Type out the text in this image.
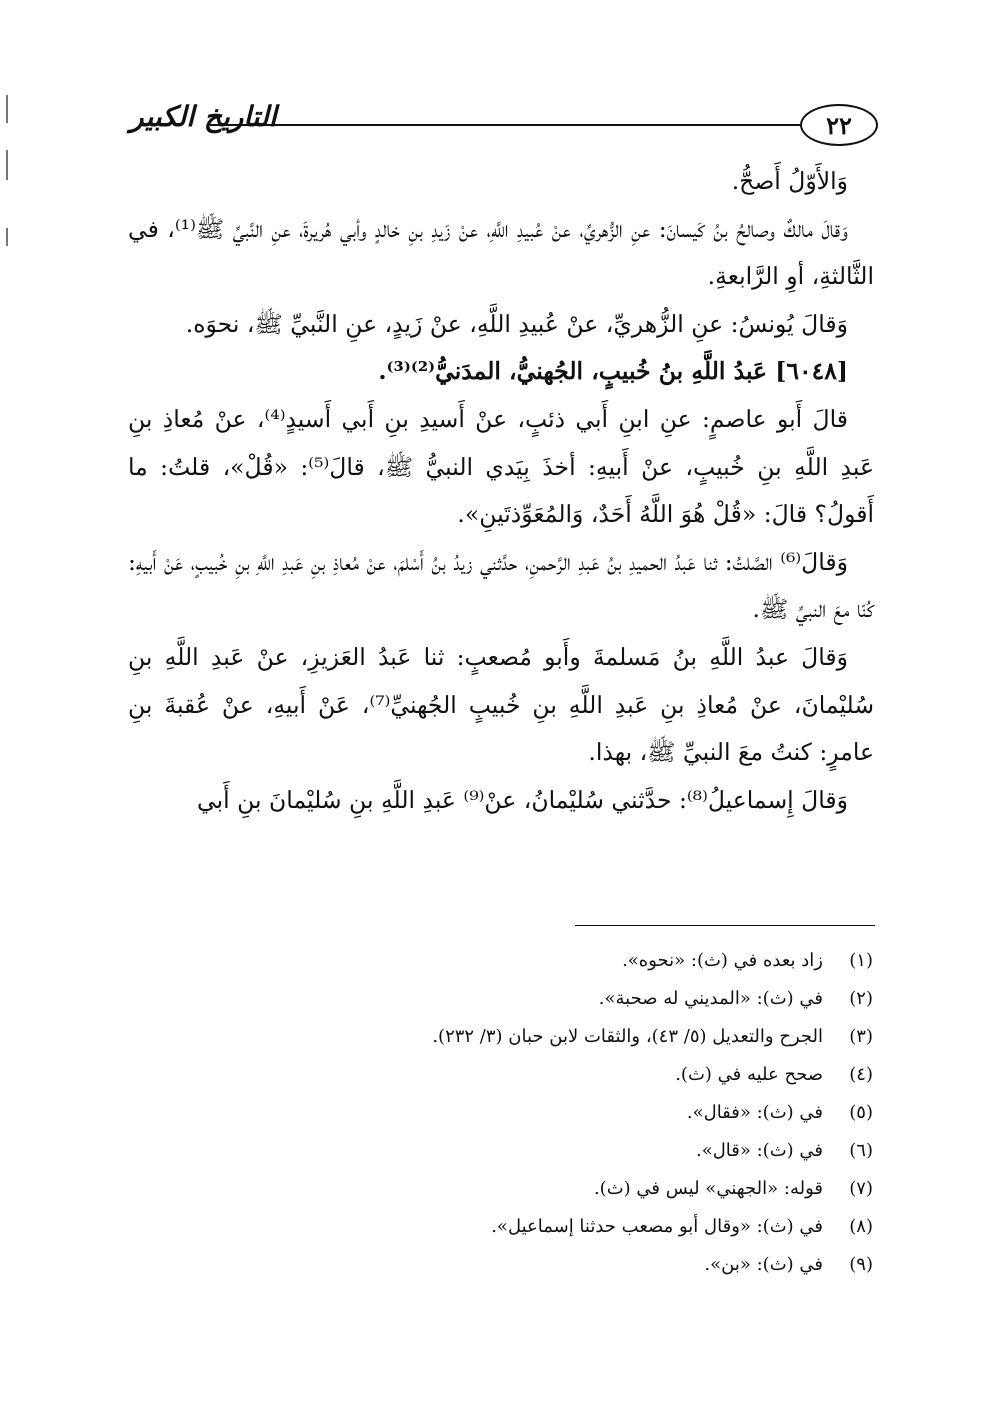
التاريخ الكبير	٢٢

وَالأَوّلُ أَصحُّ.

وَقالَ مالكٌ وصالحُ بنُ كَيسانَ: عنِ الزُّهريِّ، عنْ عُبيدِ اللَّهِ، عنْ زَيدِ بنِ خالدٍ وأبي هُريرةَ، عنِ النَّبيِّ ﷺ⁽¹⁾، في الثَّالثةِ، أوِ الرَّابعةِ.

وَقالَ يُونسُ: عنِ الزُّهريِّ، عنْ عُبيدِ اللَّهِ، عنْ زَيدٍ، عنِ النَّبيِّ ﷺ، نحوَه.

[٦٠٤٨] عَبدُ اللَّهِ بنُ خُبيبٍ، الجُهنيُّ، المدَنيُّ⁽²⁾⁽³⁾.

قالَ أَبو عاصمٍ: عنِ ابنِ أَبي ذئبٍ، عنْ أَسيدِ بنِ أَبي أَسيدٍ⁽⁴⁾، عنْ مُعاذِ بنِ عَبدِ اللَّهِ بنِ خُبيبٍ، عنْ أَبيهِ: أخذَ بِيَدي النبيُّ ﷺ، قالَ⁽⁵⁾: «قُلْ»، قلتُ: ما أَقولُ؟ قالَ: «قُلْ هُوَ اللَّهُ أَحَدٌ، وَالمُعَوِّذتَينِ».

وَقالَ⁽⁶⁾ الصَّلتُ: ثنا عَبدُ الحميدِ بنُ عَبدِ الرَّحمنِ، حدَّثني زيدُ بنُ أَسْلمَ، عنْ مُعاذِ بنِ عَبدِ اللَّهِ بنِ خُبيبٍ، عَنْ أَبيهِ: كُنّا معَ النبيِّ ﷺ.

وَقالَ عبدُ اللَّهِ بنُ مَسلمةَ وأَبو مُصعبٍ: ثنا عَبدُ العَزيزِ، عنْ عَبدِ اللَّهِ بنِ سُليْمانَ، عنْ مُعاذِ بنِ عَبدِ اللَّهِ بنِ خُبيبٍ الجُهنيِّ⁽⁷⁾، عَنْ أَبيهِ، عنْ عُقبةَ بنِ عامرٍ: كنتُ معَ النبيِّ ﷺ، بهذا.

وَقالَ إِسماعيلُ⁽⁸⁾: حدَّثني سُليْمانُ، عنْ⁽⁹⁾ عَبدِ اللَّهِ بنِ سُليْمانَ بنِ أَبي

(١)
زاد بعده في (ث): «نحوه».
(٢)
في (ث): «المديني له صحبة».
(٣)
الجرح والتعديل (٥/ ٤٣)، والثقات لابن حبان (٣/ ٢٣٢).
(٤)
صحح عليه في (ث).
(٥)
في (ث): «فقال».
(٦)
في (ث): «قال».
(٧)
قوله: «الجهني» ليس في (ث).
(٨)
في (ث): «وقال أبو مصعب حدثنا إسماعيل».
(٩)
في (ث): «بن».
